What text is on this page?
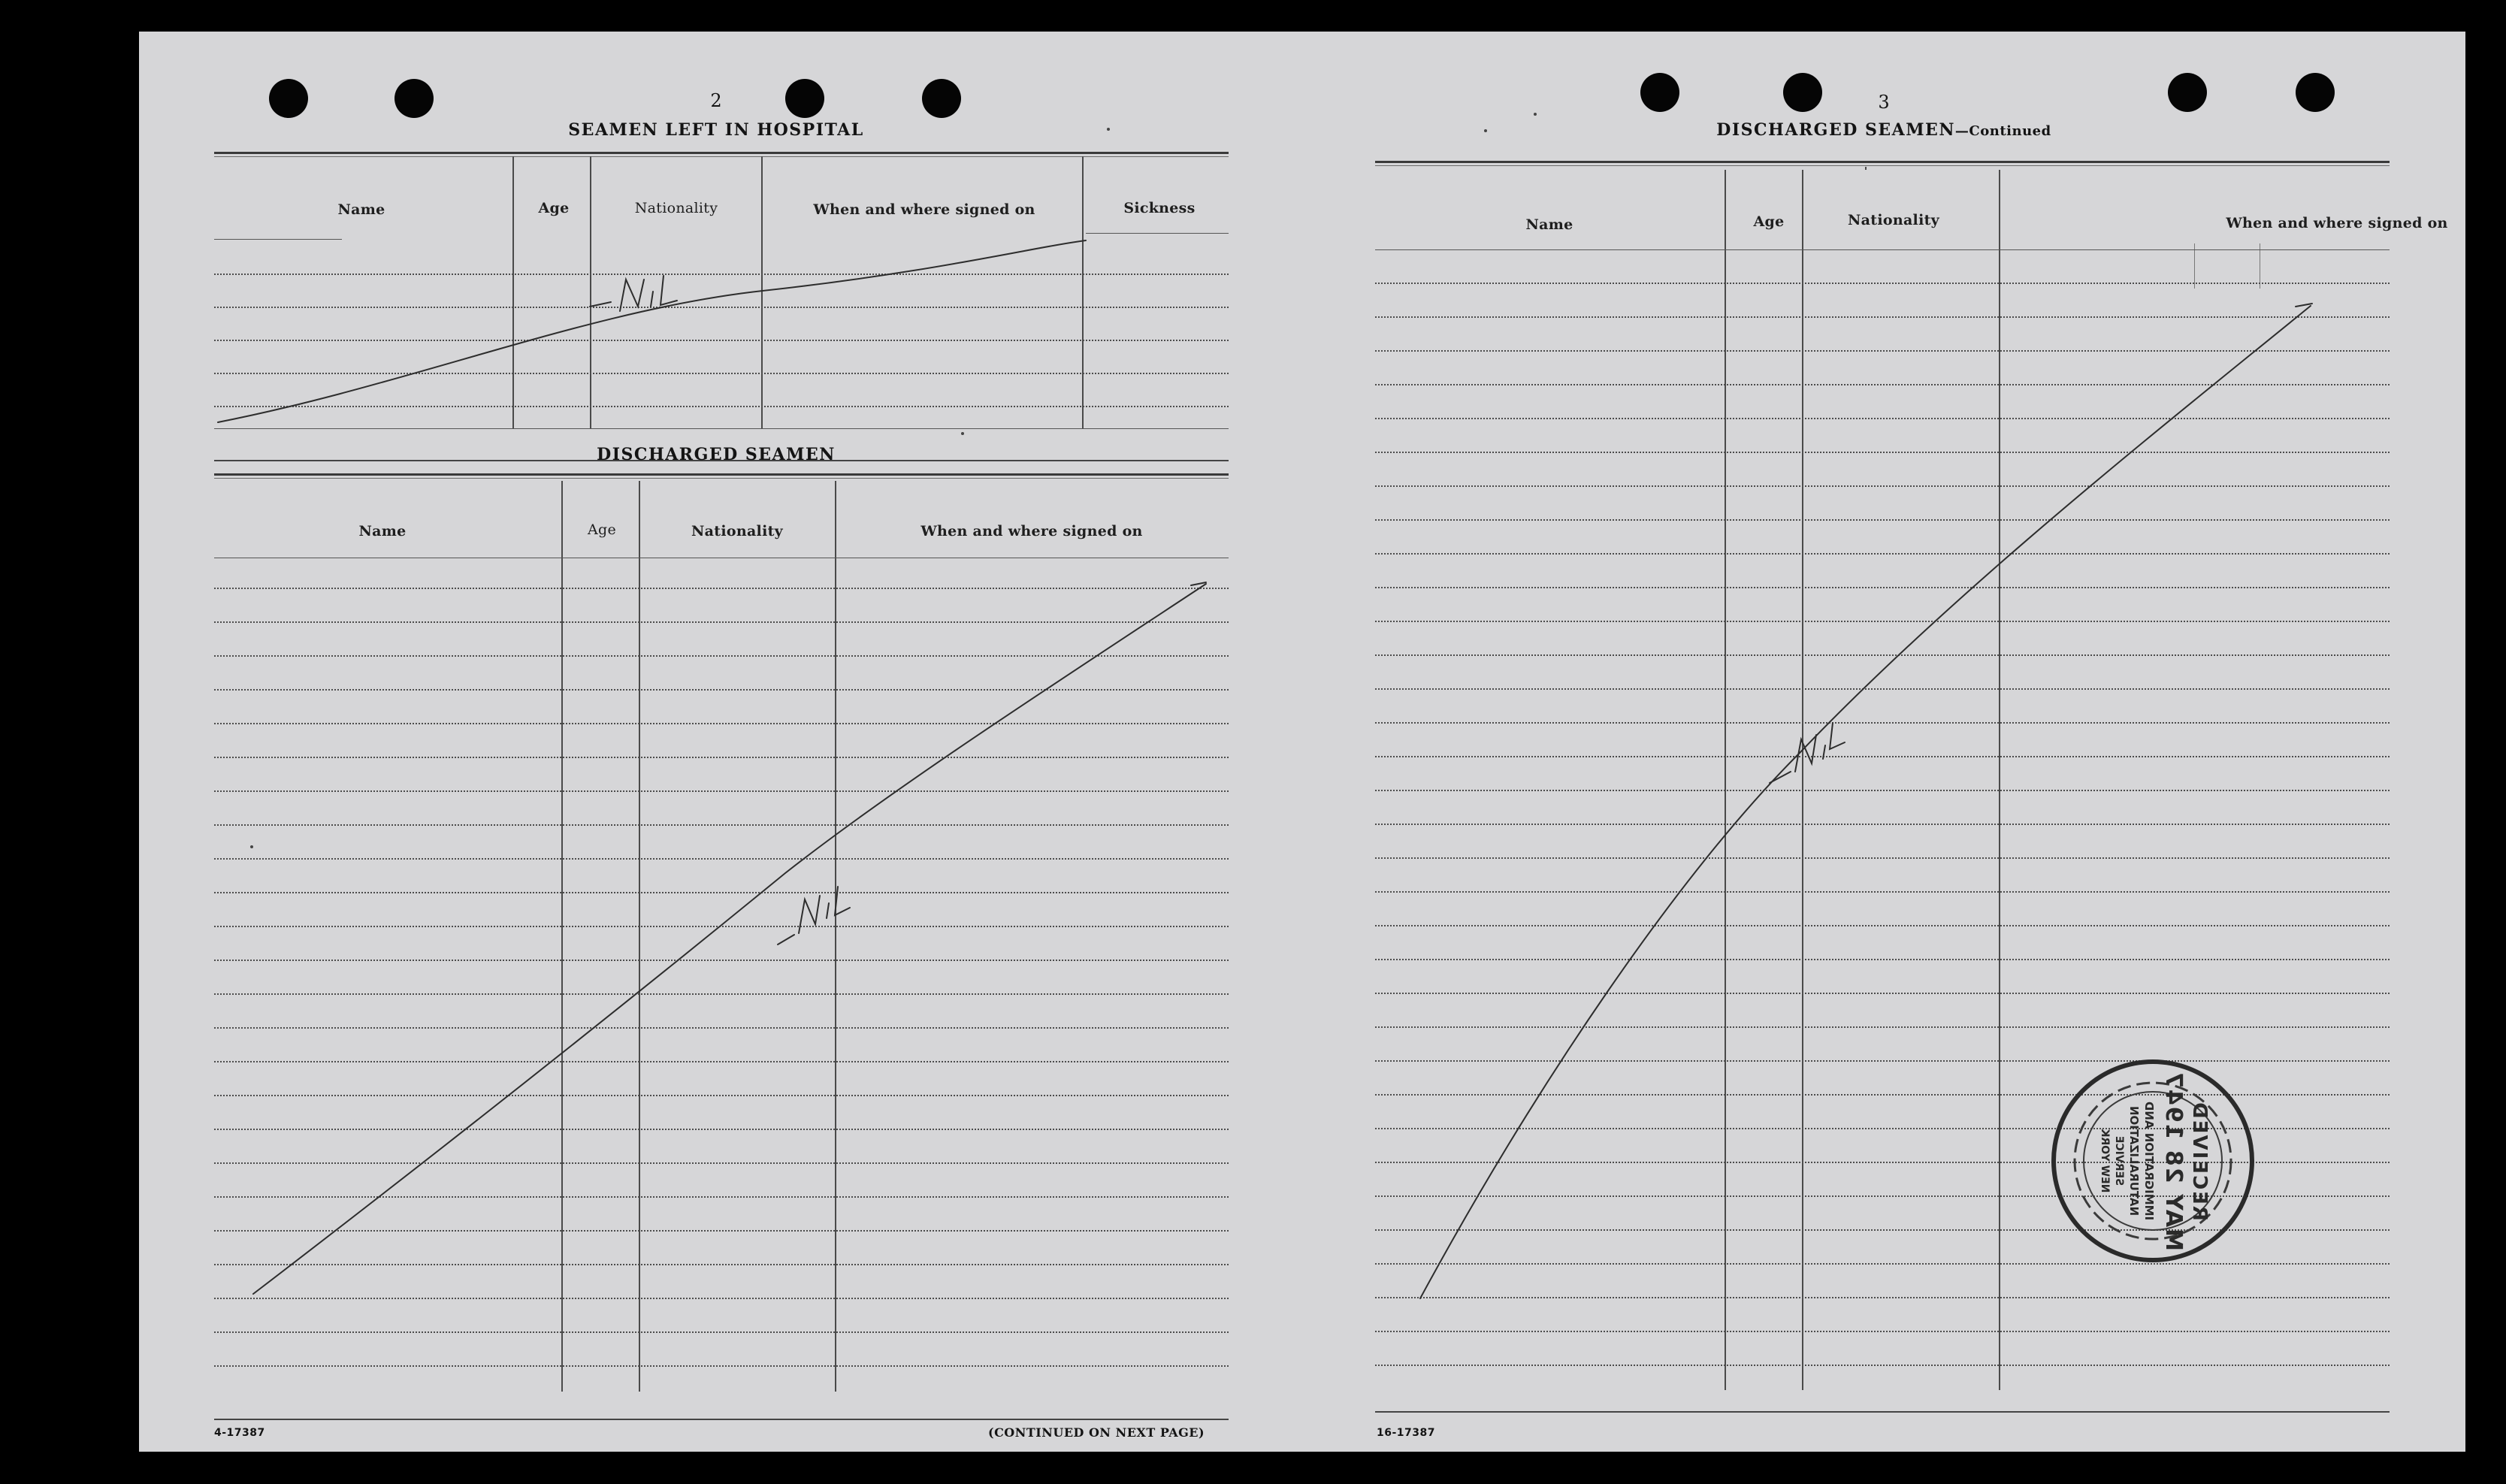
2
SEAMEN LEFT IN HOSPITAL
Name	Age	Nationality	When and where signed on	Sickness
DISCHARGED SEAMEN
Name	Age	Nationality	When and where signed on
4-17387	(CONTINUED ON NEXT PAGE)
3
DISCHARGED SEAMEN—Continued
Name	Age	Nationality	When and where signed on
16-17387
RECEIVED
MAY 28 1947
IMMIGRATION AND
NATURALIZATION
SERVICE
NEW YORK
